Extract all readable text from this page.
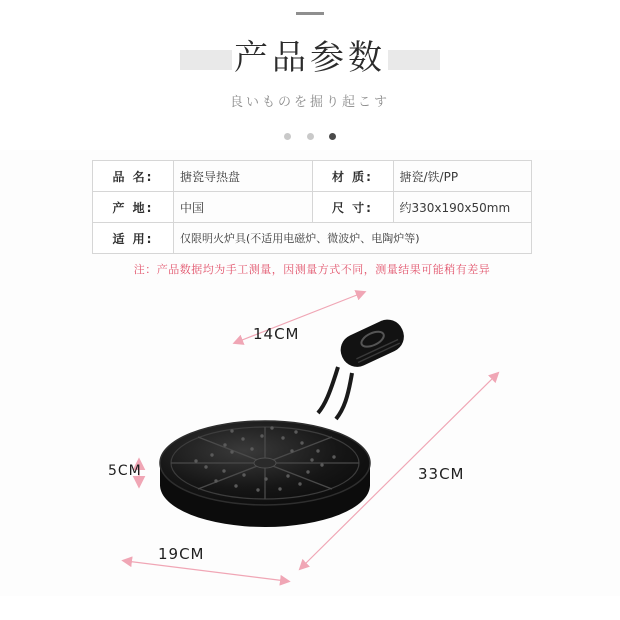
产品参数
良いものを掘り起こす

品 名:	搪瓷导热盘	材 质:	搪瓷/铁/PP
产 地:	中国	尺 寸:	约330x190x50mm
适 用:	仅限明火炉具(不适用电磁炉、微波炉、电陶炉等)		
注：产品数据均为手工测量，因测量方式不同，测量结果可能稍有差异
14CM
33CM
19CM
5CM
